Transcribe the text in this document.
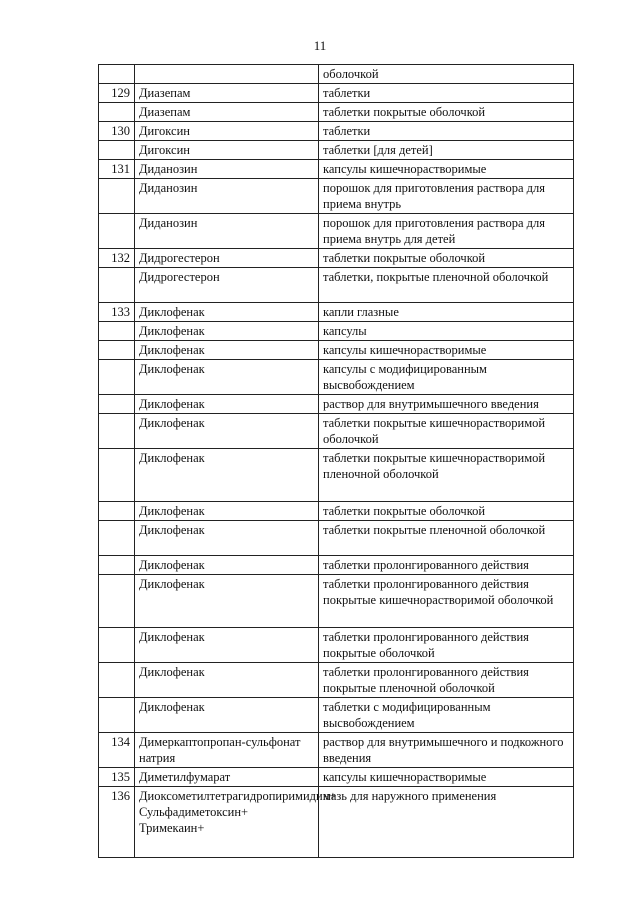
11
		оболочкой
129	Диазепам	таблетки
	Диазепам	таблетки покрытые оболочкой
130	Дигоксин	таблетки
	Дигоксин	таблетки [для детей]
131	Диданозин	капсулы кишечнорастворимые
	Диданозин	порошок для приготовления раствора для приема внутрь
	Диданозин	порошок для приготовления раствора для приема внутрь для детей
132	Дидрогестерон	таблетки покрытые оболочкой
	Дидрогестерон	таблетки, покрытые пленочной оболочкой
133	Диклофенак	капли глазные
	Диклофенак	капсулы
	Диклофенак	капсулы кишечнорастворимые
	Диклофенак	капсулы с модифицированным высвобождением
	Диклофенак	раствор для внутримышечного введения
	Диклофенак	таблетки покрытые кишечнорастворимой оболочкой
	Диклофенак	таблетки покрытые кишечнорастворимой пленочной оболочкой
	Диклофенак	таблетки покрытые оболочкой
	Диклофенак	таблетки покрытые пленочной оболочкой
	Диклофенак	таблетки пролонгированного действия
	Диклофенак	таблетки пролонгированного действия покрытые кишечнорастворимой оболочкой
	Диклофенак	таблетки пролонгированного действия покрытые оболочкой
	Диклофенак	таблетки пролонгированного действия покрытые пленочной оболочкой
	Диклофенак	таблетки с модифицированным высвобождением
134	Димеркаптопропан-сульфонат натрия	раствор для внутримышечного и подкожного введения
135	Диметилфумарат	капсулы кишечнорастворимые
136	Диоксометилтетрагидропиримидин+ Сульфадиметоксин+ Тримекаин+	мазь для наружного применения
